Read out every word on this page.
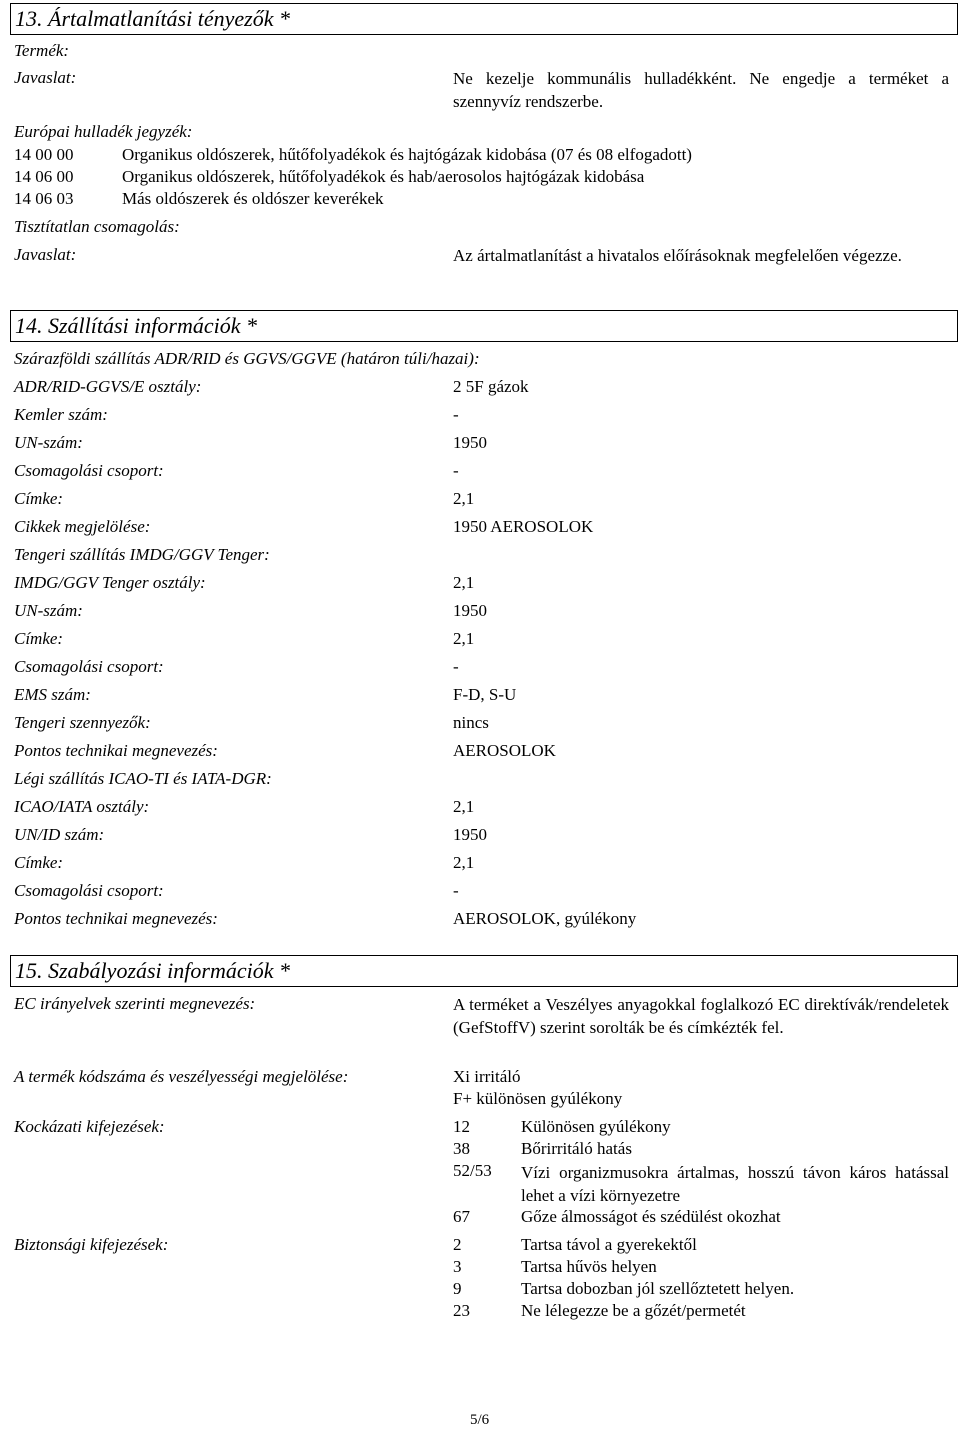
13. Ártalmatlanítási tényezők *
Termék:
Javaslat:	Ne kezelje kommunális hulladékként. Ne engedje a terméket a szennyvíz rendszerbe.
Európai hulladék jegyzék:
14 00 00	Organikus oldószerek, hűtőfolyadékok és hajtógázak kidobása (07 és 08 elfogadott)
14 06 00	Organikus oldószerek, hűtőfolyadékok és hab/aerosolos hajtógázak kidobása
14 06 03	Más oldószerek és oldószer keverékek
Tisztítatlan csomagolás:
Javaslat:	Az ártalmatlanítást a hivatalos előírásoknak megfelelően végezze.
14. Szállítási információk *
Szárazföldi szállítás ADR/RID és GGVS/GGVE (határon túli/hazai):
ADR/RID-GGVS/E osztály:	2 5F gázok
Kemler szám:	-
UN-szám:	1950
Csomagolási csoport:	-
Címke:	2,1
Cikkek megjelölése:	1950 AEROSOLOK
Tengeri szállítás IMDG/GGV Tenger:
IMDG/GGV Tenger osztály:	2,1
UN-szám:	1950
Címke:	2,1
Csomagolási csoport:	-
EMS szám:	F-D, S-U
Tengeri szennyezők:	nincs
Pontos technikai megnevezés:	AEROSOLOK
Légi szállítás ICAO-TI és IATA-DGR:
ICAO/IATA osztály:	2,1
UN/ID szám:	1950
Címke:	2,1
Csomagolási csoport:	-
Pontos technikai megnevezés:	AEROSOLOK, gyúlékony
15. Szabályozási információk *
EC irányelvek szerinti megnevezés:	A terméket a Veszélyes anyagokkal foglalkozó EC direktívák/rendeletek (GefStoffV) szerint sorolták be és címkézték fel.
A termék kódszáma és veszélyességi megjelölése:	Xi irritáló
F+ különösen gyúlékony
Kockázati kifejezések:	12	Különösen gyúlékony
38	Bőrirritáló hatás
52/53 Vízi organizmusokra ártalmas, hosszú távon káros hatással lehet a vízi környezetre
67	Gőze álmosságot és szédülést okozhat
Biztonsági kifejezések:	2	Tartsa távol a gyerekektől
3	Tartsa hűvös helyen
9	Tartsa dobozban jól szellőztetett helyen.
23	Ne lélegezze be a gőzét/permetét
5/6
